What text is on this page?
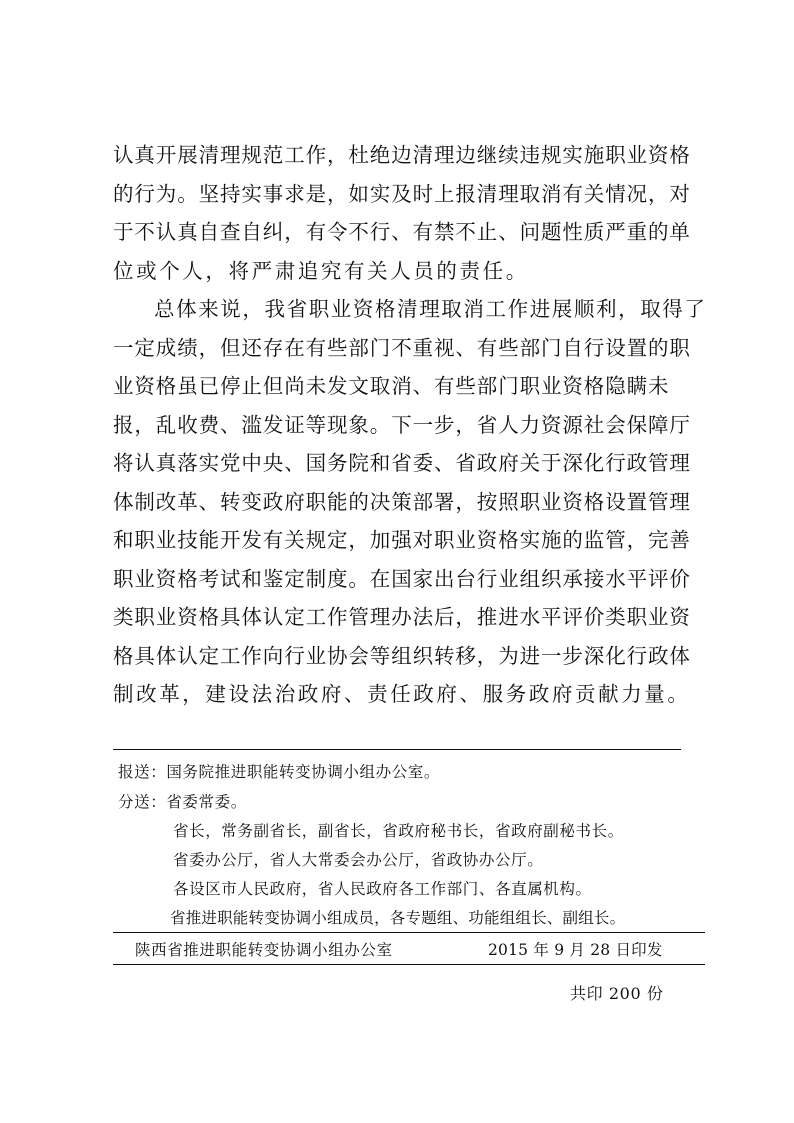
认真开展清理规范工作，杜绝边清理边继续违规实施职业资格
的行为。坚持实事求是，如实及时上报清理取消有关情况，对
于不认真自查自纠，有令不行、有禁不止、问题性质严重的单
位或个人，将严肃追究有关人员的责任。
总体来说，我省职业资格清理取消工作进展顺利，取得了
一定成绩，但还存在有些部门不重视、有些部门自行设置的职
业资格虽已停止但尚未发文取消、有些部门职业资格隐瞒未
报，乱收费、滥发证等现象。下一步，省人力资源社会保障厅
将认真落实党中央、国务院和省委、省政府关于深化行政管理
体制改革、转变政府职能的决策部署，按照职业资格设置管理
和职业技能开发有关规定，加强对职业资格实施的监管，完善
职业资格考试和鉴定制度。在国家出台行业组织承接水平评价
类职业资格具体认定工作管理办法后，推进水平评价类职业资
格具体认定工作向行业协会等组织转移，为进一步深化行政体
制改革，建设法治政府、责任政府、服务政府贡献力量。
报送：国务院推进职能转变协调小组办公室。
分送：省委常委。
省长，常务副省长，副省长，省政府秘书长，省政府副秘书长。
省委办公厅，省人大常委会办公厅，省政协办公厅。
各设区市人民政府，省人民政府各工作部门、各直属机构。
省推进职能转变协调小组成员，各专题组、功能组组长、副组长。
陕西省推进职能转变协调小组办公室	2015 年 9 月 28 日印发
共印 200 份
